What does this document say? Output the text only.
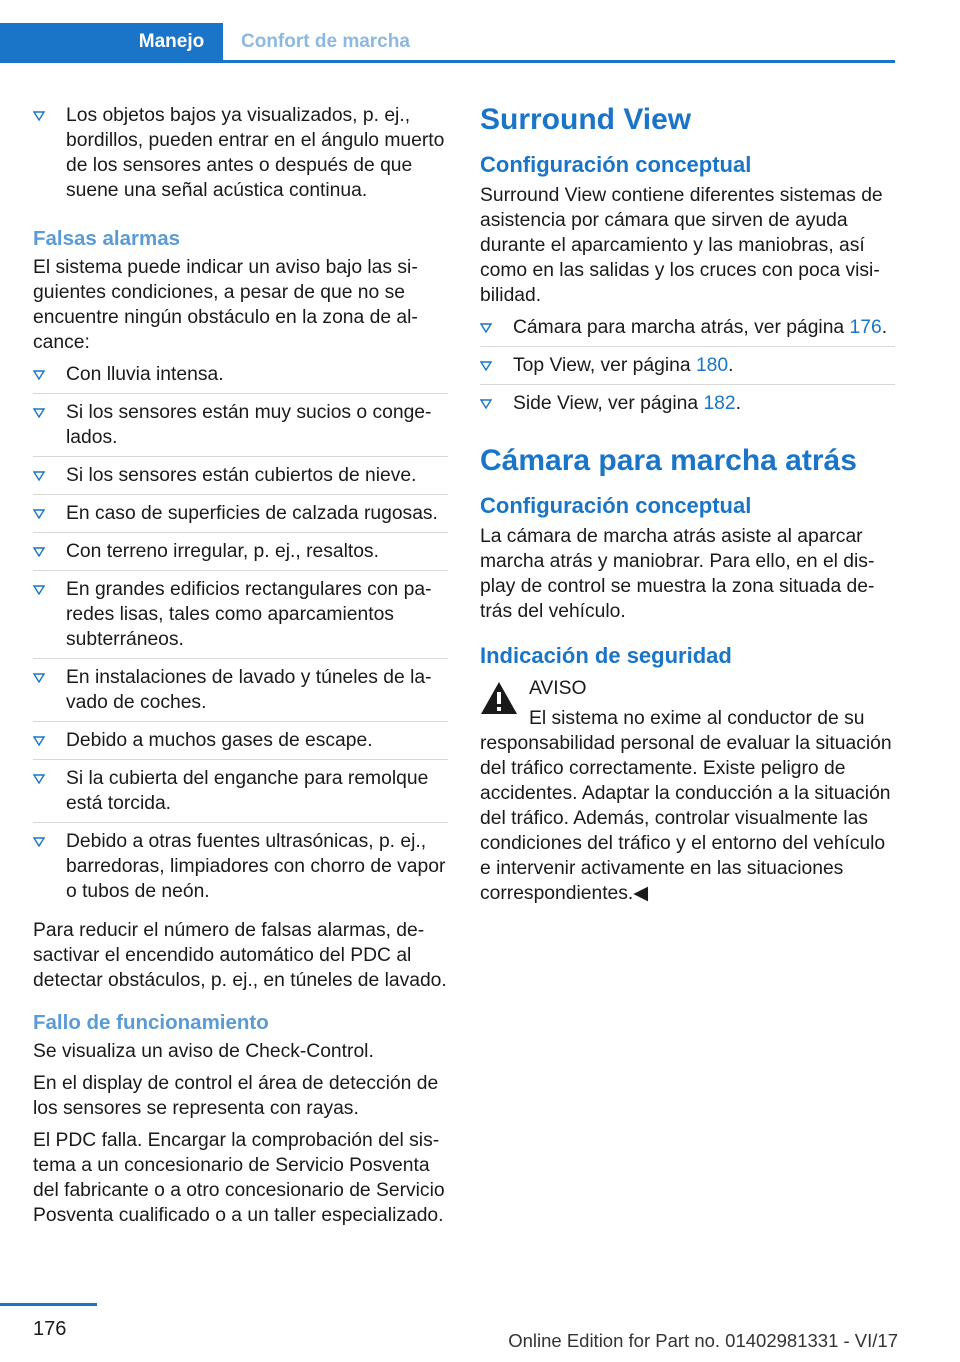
Manejo	Confort de marcha
Los objetos bajos ya visualizados, p. ej., bordillos, pueden entrar en el ángulo muerto de los sensores antes o después de que suene una señal acústica continua.
Falsas alarmas

El sistema puede indicar un aviso bajo las siguientes condiciones, a pesar de que no se encuentre ningún obstáculo en la zona de alcance:

Con lluvia intensa.
Si los sensores están muy sucios o congelados.
Si los sensores están cubiertos de nieve.
En caso de superficies de calzada rugosas.
Con terreno irregular, p. ej., resaltos.
En grandes edificios rectangulares con paredes lisas, tales como aparcamientos subterráneos.
En instalaciones de lavado y túneles de lavado de coches.
Debido a muchos gases de escape.
Si la cubierta del enganche para remolque está torcida.
Debido a otras fuentes ultrasónicas, p. ej., barredoras, limpiadores con chorro de vapor o tubos de neón.

Para reducir el número de falsas alarmas, desactivar el encendido automático del PDC al detectar obstáculos, p. ej., en túneles de lavado.

Fallo de funcionamiento

Se visualiza un aviso de Check-Control.

En el display de control el área de detección de los sensores se representa con rayas.

El PDC falla. Encargar la comprobación del sistema a un concesionario de Servicio Posventa del fabricante o a otro concesionario de Servicio Posventa cualificado o a un taller especializado.

Surround View
Configuración conceptual

Surround View contiene diferentes sistemas de asistencia por cámara que sirven de ayuda durante el aparcamiento y las maniobras, así como en las salidas y los cruces con poca visibilidad.

Cámara para marcha atrás, ver página 176.
Top View, ver página 180.
Side View, ver página 182.
Cámara para marcha atrás
Configuración conceptual

La cámara de marcha atrás asiste al aparcar marcha atrás y maniobrar. Para ello, en el display de control se muestra la zona situada detrás del vehículo.

Indicación de seguridad
AVISO
El sistema no exime al conductor de su responsabilidad personal de evaluar la situación del tráfico correctamente. Existe peligro de accidentes. Adaptar la conducción a la situación del tráfico. Además, controlar visualmente las condiciones del tráfico y el entorno del vehículo e intervenir activamente en las situaciones correspondientes.◀
176
Online Edition for Part no. 01402981331 - VI/17
